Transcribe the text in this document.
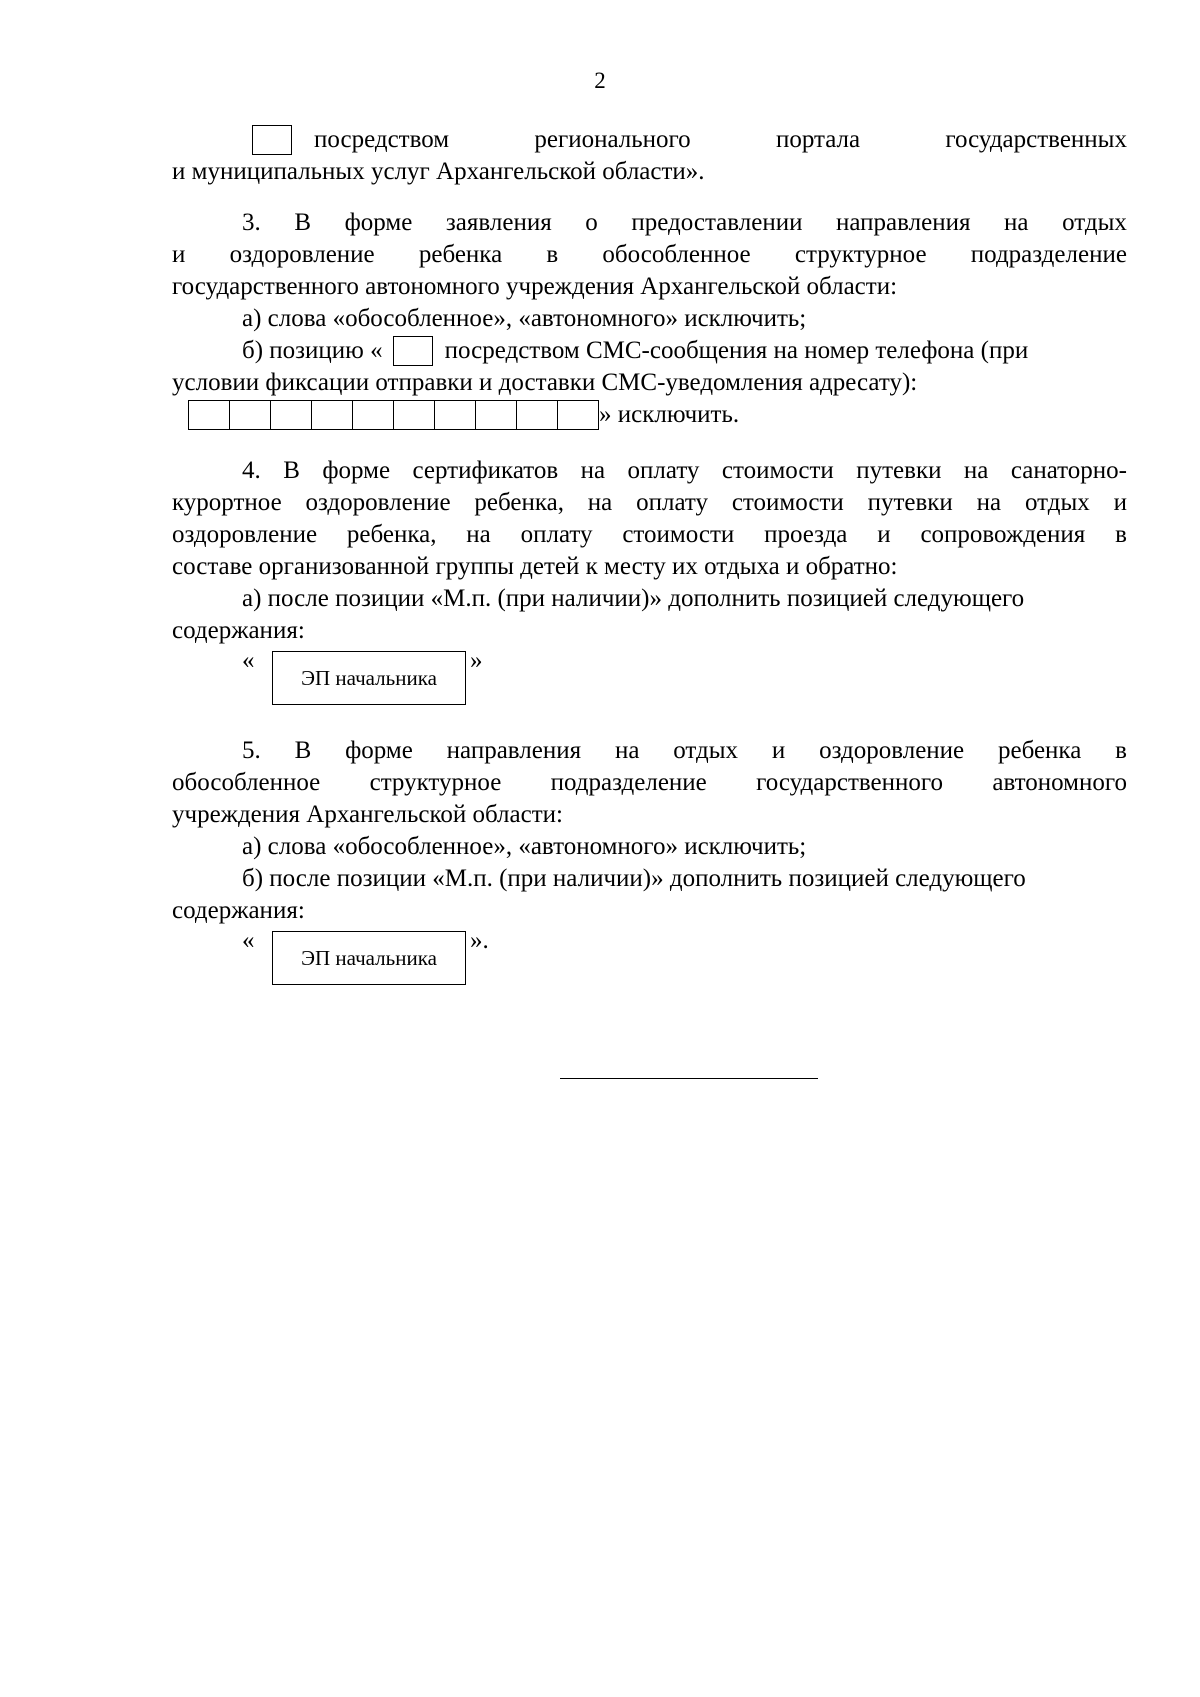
2
посредством	регионального	портала	государственных
и муниципальных услуг Архангельской области».
3. В форме заявления о предоставлении направления на отдых
и оздоровление ребенка в обособленное структурное подразделение
государственного автономного учреждения Архангельской области:
а) слова «обособленное», «автономного» исключить;
б) позицию « посредством СМС-сообщения на номер телефона (при
условии фиксации отправки и доставки СМС-уведомления адресату):
» исключить.
4. В форме сертификатов на оплату стоимости путевки на санаторно-
курортное оздоровление ребенка, на оплату стоимости путевки на отдых и
оздоровление ребенка, на оплату стоимости проезда и сопровождения в
составе организованной группы детей к месту их отдыха и обратно:
а) после позиции «М.п. (при наличии)» дополнить позицией следующего
содержания:
«
ЭП начальника
»
5. В форме направления на отдых и оздоровление ребенка в
обособленное структурное подразделение государственного автономного
учреждения Архангельской области:
а) слова «обособленное», «автономного» исключить;
б) после позиции «М.п. (при наличии)» дополнить позицией следующего
содержания:
«
ЭП начальника
».
